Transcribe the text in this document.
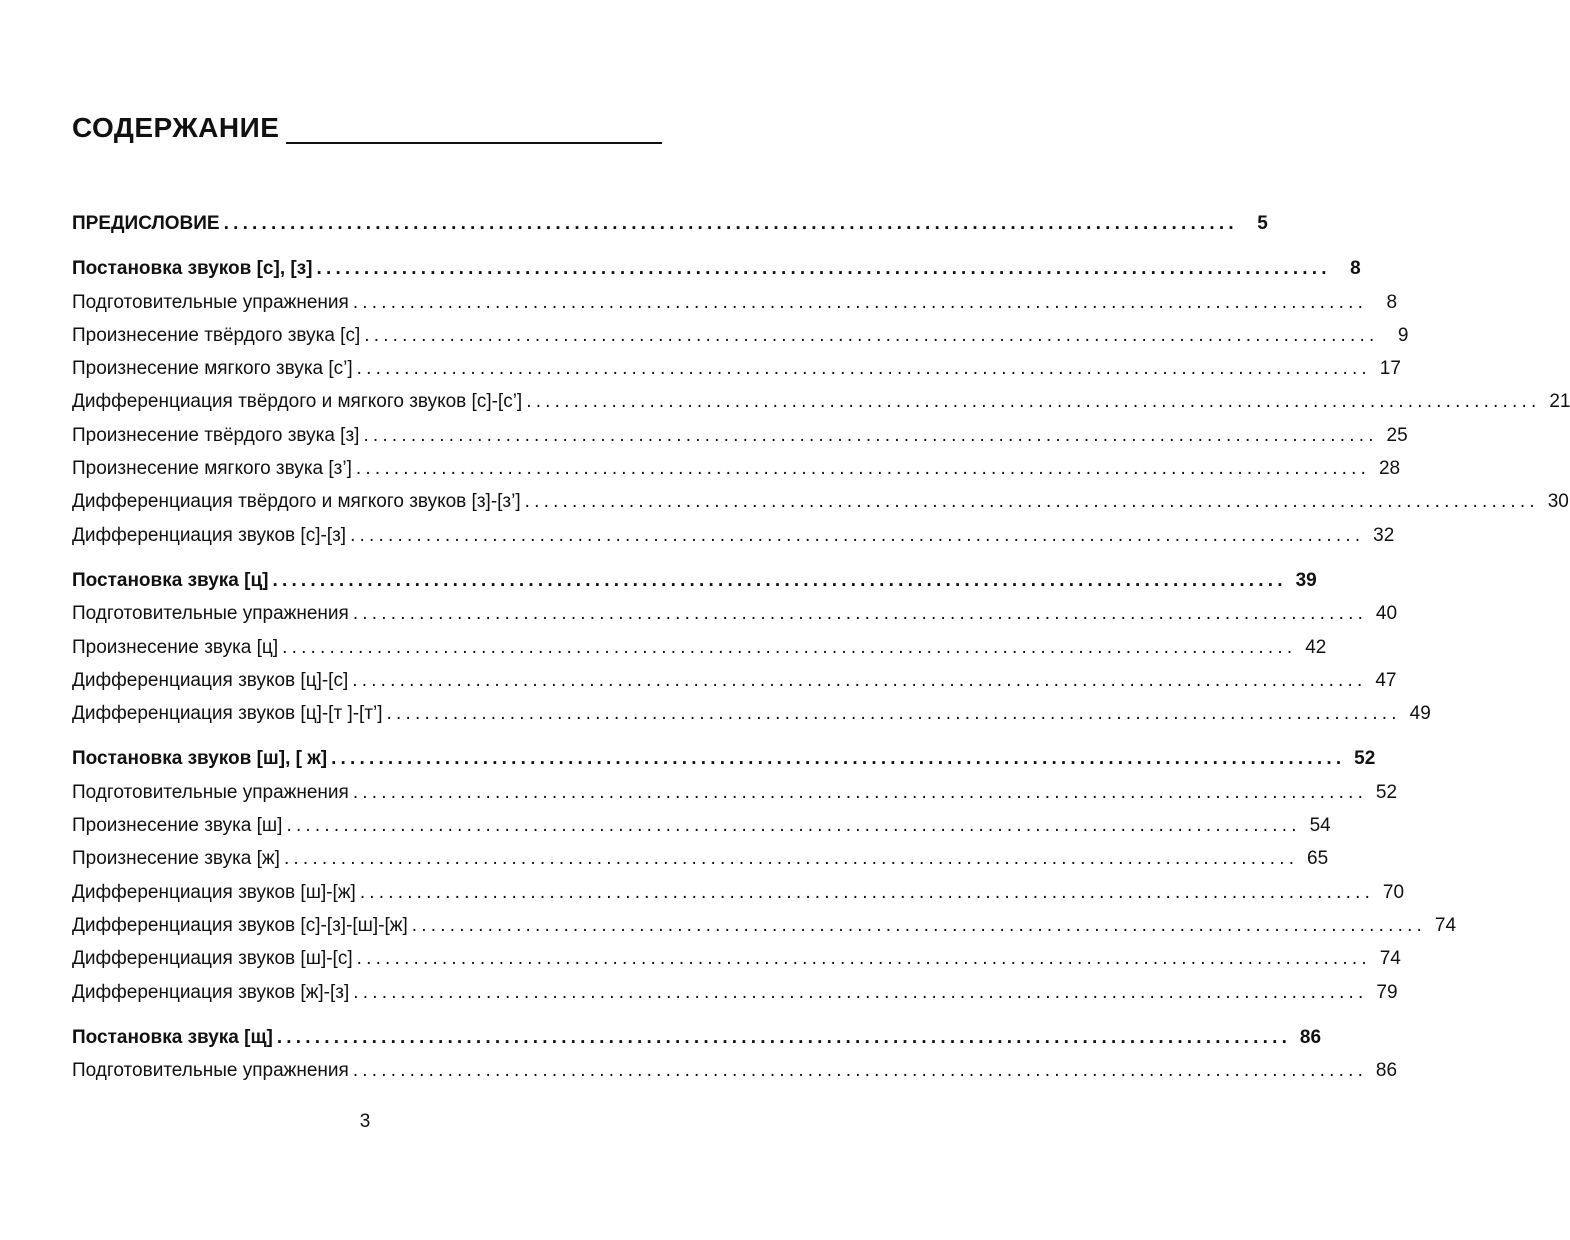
СОДЕРЖАНИЕ
ПРЕДИСЛОВИЕ ...........................................................................................................	5
Постановка звуков [с], [з] ...........................................................................................................	8
Подготовительные упражнения ...........................................................................................................	8
Произнесение твёрдого звука [с] ...........................................................................................................	9
Произнесение мягкого звука [с’] ........................................................................................................... 17
Дифференциация твёрдого и мягкого звуков [с]-[с’] ........................................................................................................... 21
Произнесение твёрдого звука [з] ........................................................................................................... 25
Произнесение мягкого звука [з’] ........................................................................................................... 28
Дифференциация твёрдого и мягкого звуков [з]-[з’] ........................................................................................................... 30
Дифференциация звуков [с]-[з] ........................................................................................................... 32
Постановка звука [ц] ........................................................................................................... 39
Подготовительные упражнения ........................................................................................................... 40
Произнесение звука [ц] ........................................................................................................... 42
Дифференциация звуков [ц]-[с] ........................................................................................................... 47
Дифференциация звуков [ц]-[т ]-[т’] ........................................................................................................... 49
Постановка звуков [ш], [ ж] ........................................................................................................... 52
Подготовительные упражнения ........................................................................................................... 52
Произнесение звука [ш] ........................................................................................................... 54
Произнесение звука [ж] ........................................................................................................... 65
Дифференциация звуков [ш]-[ж] ........................................................................................................... 70
Дифференциация звуков [с]-[з]-[ш]-[ж] ........................................................................................................... 74
Дифференциация звуков [ш]-[с] ........................................................................................................... 74
Дифференциация звуков [ж]-[з] ........................................................................................................... 79
Постановка звука [щ] ........................................................................................................... 86
Подготовительные упражнения ........................................................................................................... 86
3
